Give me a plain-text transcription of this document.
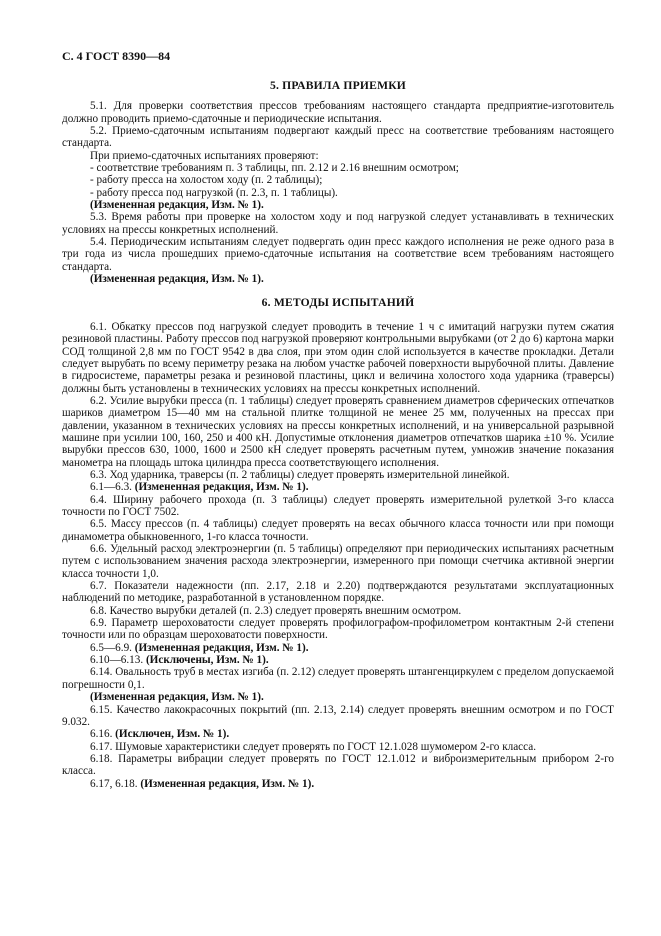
С. 4 ГОСТ 8390—84
5. ПРАВИЛА ПРИЕМКИ

5.1. Для проверки соответствия прессов требованиям настоящего стандарта предприятие-изготовитель должно проводить приемо-сдаточные и периодические испытания.

5.2. Приемо-сдаточным испытаниям подвергают каждый пресс на соответствие требованиям настоящего стандарта.

При приемо-сдаточных испытаниях проверяют:

- соответствие требованиям п. 3 таблицы, пп. 2.12 и 2.16 внешним осмотром;

- работу пресса на холостом ходу (п. 2 таблицы);

- работу пресса под нагрузкой (п. 2.3, п. 1 таблицы).

(Измененная редакция, Изм. № 1).

5.3. Время работы при проверке на холостом ходу и под нагрузкой следует устанавливать в технических условиях на прессы конкретных исполнений.

5.4. Периодическим испытаниям следует подвергать один пресс каждого исполнения не реже одного раза в три года из числа прошедших приемо-сдаточные испытания на соответствие всем требованиям настоящего стандарта.

(Измененная редакция, Изм. № 1).

6. МЕТОДЫ ИСПЫТАНИЙ

6.1. Обкатку прессов под нагрузкой следует проводить в течение 1 ч с имитаций нагрузки путем сжатия резиновой пластины. Работу прессов под нагрузкой проверяют контрольными вырубками (от 2 до 6) картона марки СОД толщиной 2,8 мм по ГОСТ 9542 в два слоя, при этом один слой используется в качестве прокладки. Детали следует вырубать по всему периметру резака на любом участке рабочей поверхности вырубочной плиты. Давление в гидросистеме, параметры резака и резиновой пластины, цикл и величина холостого хода ударника (траверсы) должны быть установлены в технических условиях на прессы конкретных исполнений.

6.2. Усилие вырубки пресса (п. 1 таблицы) следует проверять сравнением диаметров сферических отпечатков шариков диаметром 15—40 мм на стальной плитке толщиной не менее 25 мм, полученных на прессах при давлении, указанном в технических условиях на прессы конкретных исполнений, и на универсальной разрывной машине при усилии 100, 160, 250 и 400 кН. Допустимые отклонения диаметров отпечатков шарика ±10 %. Усилие вырубки прессов 630, 1000, 1600 и 2500 кН следует проверять расчетным путем, умножив значение показания манометра на площадь штока цилиндра пресса соответствующего исполнения.

6.3. Ход ударника, траверсы (п. 2 таблицы) следует проверять измерительной линейкой.

6.1—6.3. (Измененная редакция, Изм. № 1).

6.4. Ширину рабочего прохода (п. 3 таблицы) следует проверять измерительной рулеткой 3-го класса точности по ГОСТ 7502.

6.5. Массу прессов (п. 4 таблицы) следует проверять на весах обычного класса точности или при помощи динамометра обыкновенного, 1-го класса точности.

6.6. Удельный расход электроэнергии (п. 5 таблицы) определяют при периодических испытаниях расчетным путем с использованием значения расхода электроэнергии, измеренного при помощи счетчика активной энергии класса точности 1,0.

6.7. Показатели надежности (пп. 2.17, 2.18 и 2.20) подтверждаются результатами эксплуатационных наблюдений по методике, разработанной в установленном порядке.

6.8. Качество вырубки деталей (п. 2.3) следует проверять внешним осмотром.

6.9. Параметр шероховатости следует проверять профилографом-профилометром контактным 2-й степени точности или по образцам шероховатости поверхности.

6.5—6.9. (Измененная редакция, Изм. № 1).

6.10—6.13. (Исключены, Изм. № 1).

6.14. Овальность труб в местах изгиба (п. 2.12) следует проверять штангенциркулем с пределом допускаемой погрешности 0,1.

(Измененная редакция, Изм. № 1).

6.15. Качество лакокрасочных покрытий (пп. 2.13, 2.14) следует проверять внешним осмотром и по ГОСТ 9.032.

6.16. (Исключен, Изм. № 1).

6.17. Шумовые характеристики следует проверять по ГОСТ 12.1.028 шумомером 2-го класса.

6.18. Параметры вибрации следует проверять по ГОСТ 12.1.012 и виброизмерительным прибором 2-го класса.

6.17, 6.18. (Измененная редакция, Изм. № 1).
